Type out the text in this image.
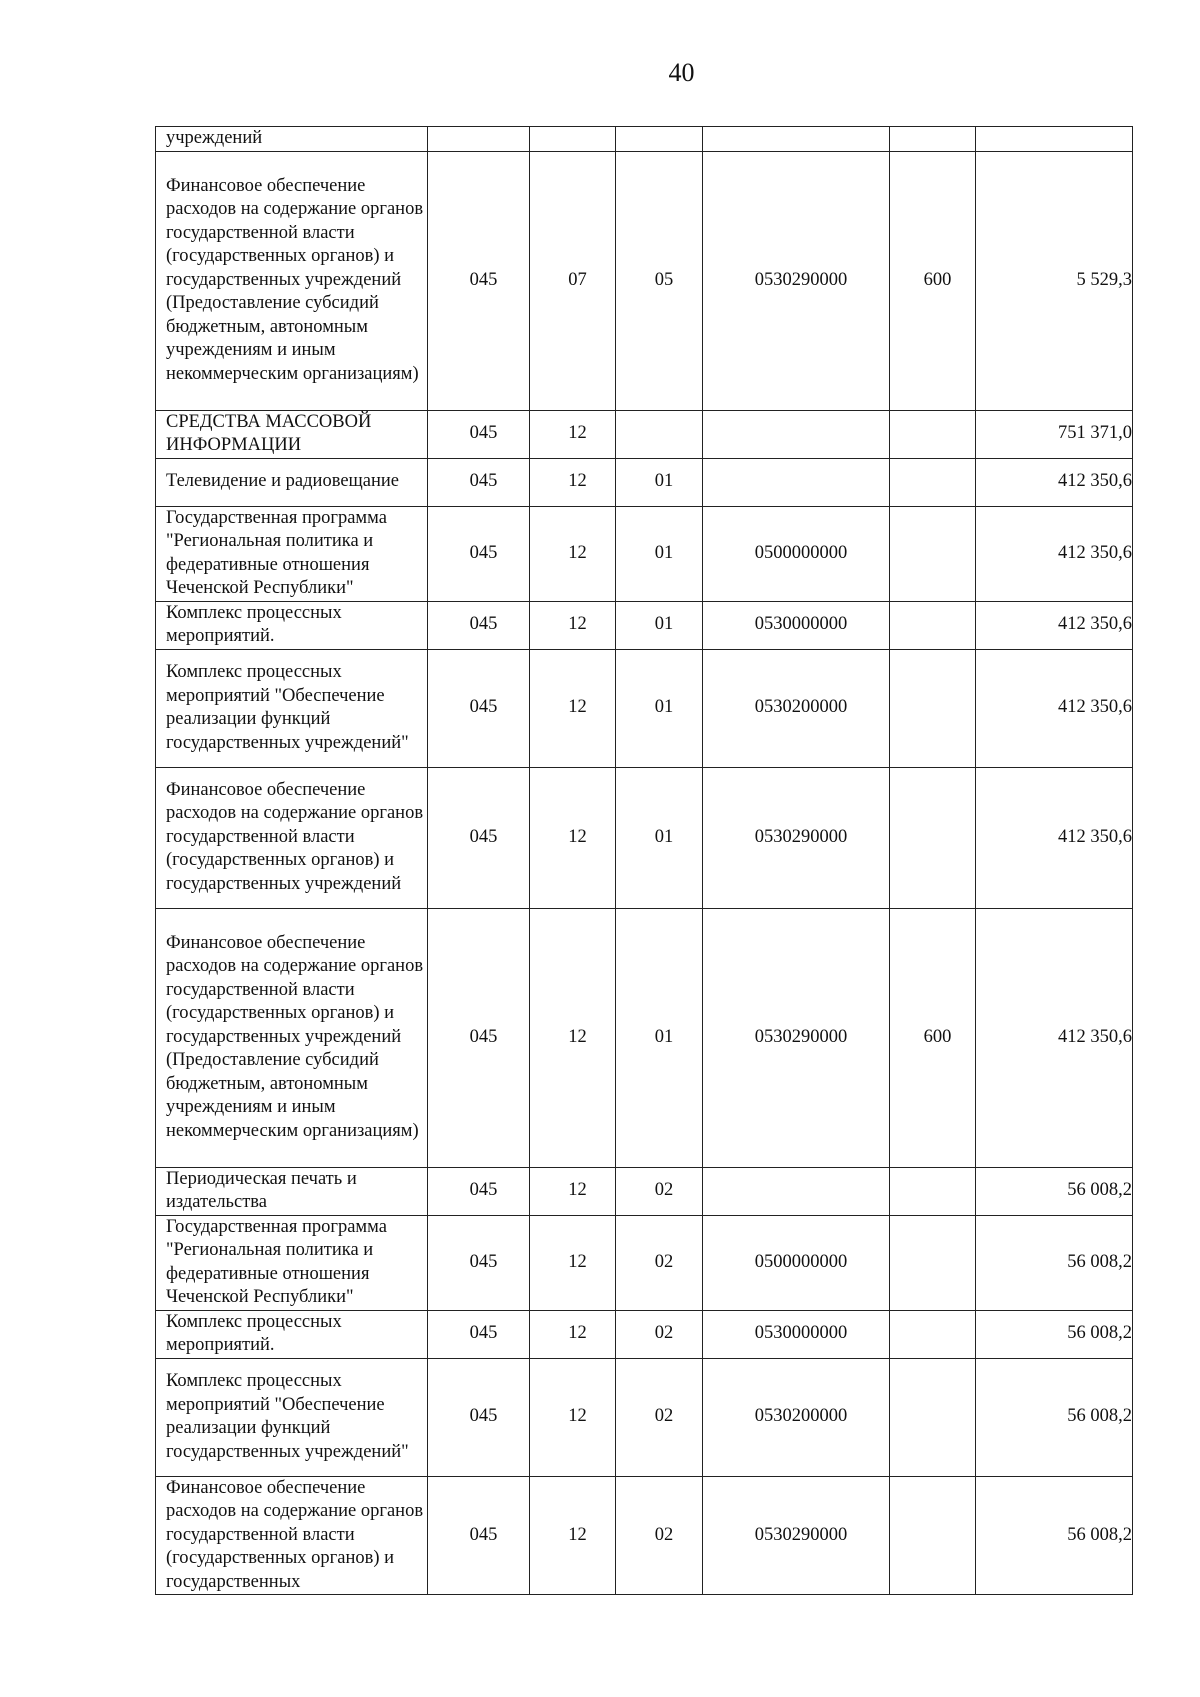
40
учреждений						
Финансовое обеспечение расходов на содержание органов государственной власти (государственных органов) и государственных учреждений (Предоставление субсидий бюджетным, автономным учреждениям и иным некоммерческим организациям)	045	07	05	0530290000	600	5 529,3
СРЕДСТВА МАССОВОЙ ИНФОРМАЦИИ	045	12				751 371,0
Телевидение и радиовещание	045	12	01			412 350,6
Государственная программа "Региональная политика и федеративные отношения Чеченской Республики"	045	12	01	0500000000		412 350,6
Комплекс процессных мероприятий.	045	12	01	0530000000		412 350,6
Комплекс процессных мероприятий "Обеспечение реализации функций государственных учреждений"	045	12	01	0530200000		412 350,6
Финансовое обеспечение расходов на содержание органов государственной власти (государственных органов) и государственных учреждений	045	12	01	0530290000		412 350,6
Финансовое обеспечение расходов на содержание органов государственной власти (государственных органов) и государственных учреждений (Предоставление субсидий бюджетным, автономным учреждениям и иным некоммерческим организациям)	045	12	01	0530290000	600	412 350,6
Периодическая печать и издательства	045	12	02			56 008,2
Государственная программа "Региональная политика и федеративные отношения Чеченской Республики"	045	12	02	0500000000		56 008,2
Комплекс процессных мероприятий.	045	12	02	0530000000		56 008,2
Комплекс процессных мероприятий "Обеспечение реализации функций государственных учреждений"	045	12	02	0530200000		56 008,2
Финансовое обеспечение расходов на содержание органов государственной власти (государственных органов) и государственных	045	12	02	0530290000		56 008,2
